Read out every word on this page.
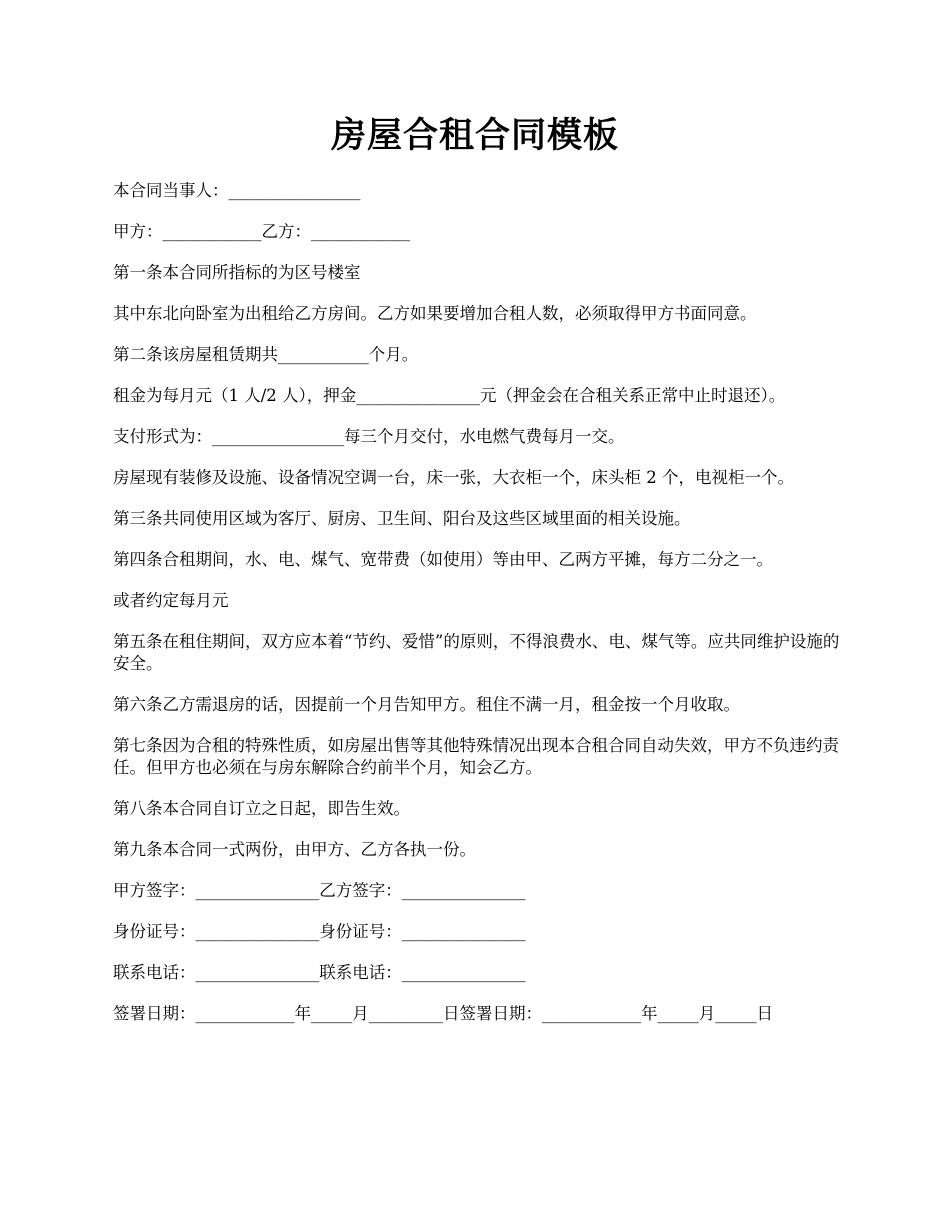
房屋合租合同模板

本合同当事人：________________

甲方：____________乙方：____________

第一条本合同所指标的为区号楼室

其中东北向卧室为出租给乙方房间。乙方如果要增加合租人数，必须取得甲方书面同意。

第二条该房屋租赁期共___________个月。

租金为每月元（1 人/2 人），押金_______________元（押金会在合租关系正常中止时退还）。

支付形式为：________________每三个月交付，水电燃气费每月一交。

房屋现有装修及设施、设备情况空调一台，床一张，大衣柜一个，床头柜 2 个，电视柜一个。

第三条共同使用区域为客厅、厨房、卫生间、阳台及这些区域里面的相关设施。

第四条合租期间，水、电、煤气、宽带费（如使用）等由甲、乙两方平摊，每方二分之一。

或者约定每月元

第五条在租住期间，双方应本着“节约、爱惜”的原则，不得浪费水、电、煤气等。应共同维护设施的安全。

第六条乙方需退房的话，因提前一个月告知甲方。租住不满一月，租金按一个月收取。

第七条因为合租的特殊性质，如房屋出售等其他特殊情况出现本合租合同自动失效，甲方不负违约责任。但甲方也必须在与房东解除合约前半个月，知会乙方。

第八条本合同自订立之日起，即告生效。

第九条本合同一式两份，由甲方、乙方各执一份。

甲方签字：_______________乙方签字：_______________

身份证号：_______________身份证号：_______________

联系电话：_______________联系电话：_______________

签署日期：____________年_____月_________日签署日期：____________年_____月_____日
